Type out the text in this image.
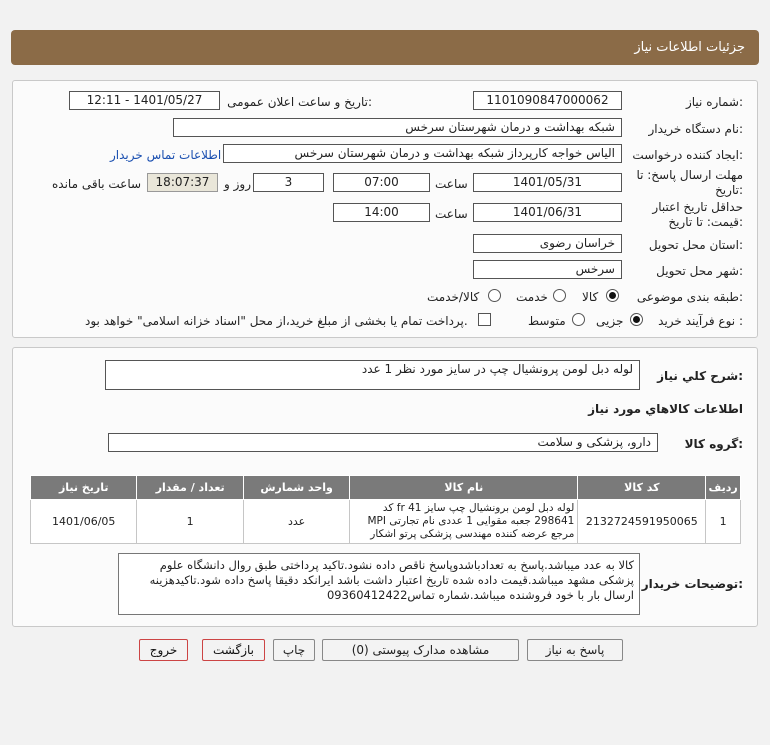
جزئیات اطلاعات نیاز
شماره نیاز:
1101090847000062
تاریخ و ساعت اعلان عمومی:
1401/05/27 - 12:11
نام دستگاه خریدار:
شبکه بهداشت و درمان شهرستان سرخس
ایجاد کننده درخواست:
الیاس خواجه کارپرداز شبکه بهداشت و درمان شهرستان سرخس
اطلاعات تماس خریدار
مهلت ارسال پاسخ: تا
تاریخ:
1401/05/31
ساعت
07:00
3
روز و
18:07:37
ساعت باقی مانده
حداقل تاریخ اعتبار
قیمت: تا تاریخ:
1401/06/31
ساعت
14:00
استان محل تحویل:
خراسان رضوی
شهر محل تحویل:
سرخس
طبقه بندی موضوعی:
کالا
خدمت
کالا/خدمت
نوع فرآیند خرید :
جزیی
متوسط
پرداخت تمام یا بخشی از مبلغ خرید،از محل "اسناد خزانه اسلامی" خواهد بود.
شرح کلي نیاز:
لوله دبل لومن پرونشیال چپ در سایز مورد نظر 1 عدد
اطلاعات کالاهاي مورد نياز
گروه کالا:
دارو، پزشکی و سلامت
تاریخ نیاز	تعداد / مقدار	واحد شمارش	نام کالا	کد کالا	ردیف
1401/06/05	1	عدد	لوله دبل لومن برونشیال چپ سایز fr 41 کد 298641 جعبه مقوایی 1 عددی نام تجارتی MPI مرجع عرضه کننده مهندسی پزشکی پرتو اشکار	2132724591950065	1
توضیحات خریدار:
کالا به عدد میباشد.پاسخ به تعدادباشدوپاسخ ناقص داده نشود.تاکید پرداختی طبق روال دانشگاه علوم پزشکی مشهد میباشد.قیمت داده شده تاریخ اعتبار داشت باشد ایرانکد دقیقا پاسخ داده شود.تاکیدهزینه ارسال بار با خود فروشنده میباشد.شماره تماس09360412422
پاسخ به نیاز
مشاهده مدارک پیوستی (0)
چاپ
بازگشت
خروج
